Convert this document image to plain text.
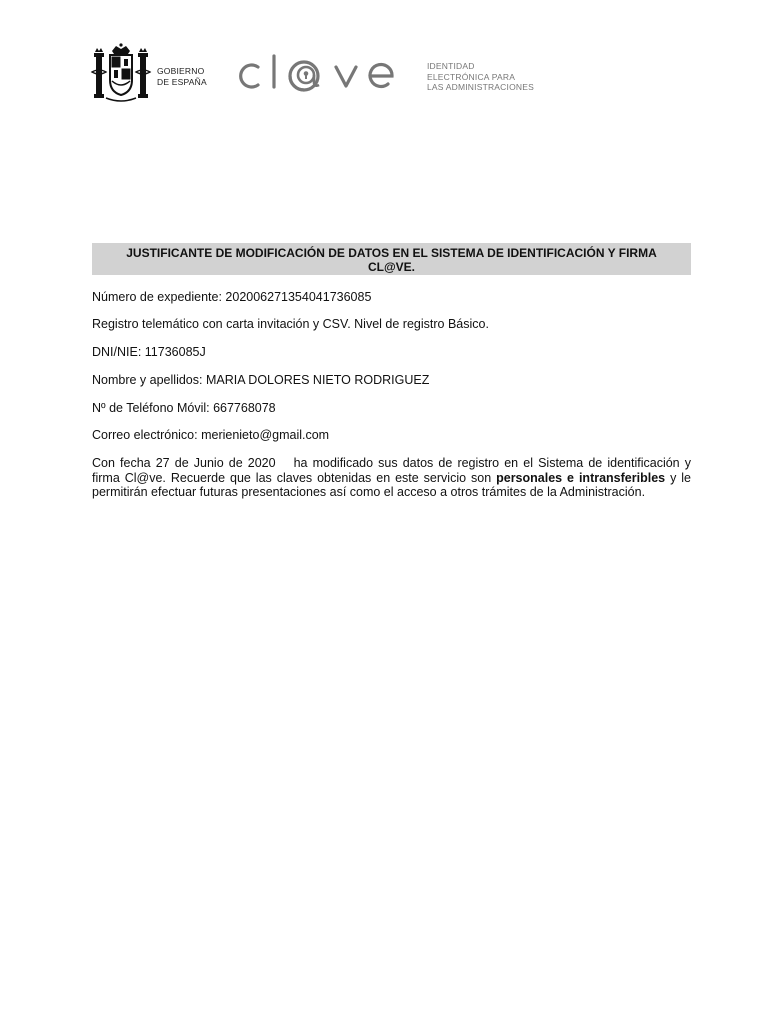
GOBIERNO
DE ESPAÑA
IDENTIDAD
ELECTRÓNICA PARA
LAS ADMINISTRACIONES
JUSTIFICANTE DE MODIFICACIÓN DE DATOS EN EL SISTEMA DE IDENTIFICACIÓN Y FIRMA CL@VE.
Número de expediente: 202006271354041736085
Registro telemático con carta invitación y CSV. Nivel de registro Básico.
DNI/NIE: 11736085J
Nombre y apellidos: MARIA DOLORES NIETO RODRIGUEZ
Nº de Teléfono Móvil: 667768078
Correo electrónico: merienieto@gmail.com
Con fecha 27 de Junio de 2020 ha modificado sus datos de registro en el Sistema de identificación y firma Cl@ve. Recuerde que las claves obtenidas en este servicio son personales e intransferibles y le permitirán efectuar futuras presentaciones así como el acceso a otros trámites de la Administración.
